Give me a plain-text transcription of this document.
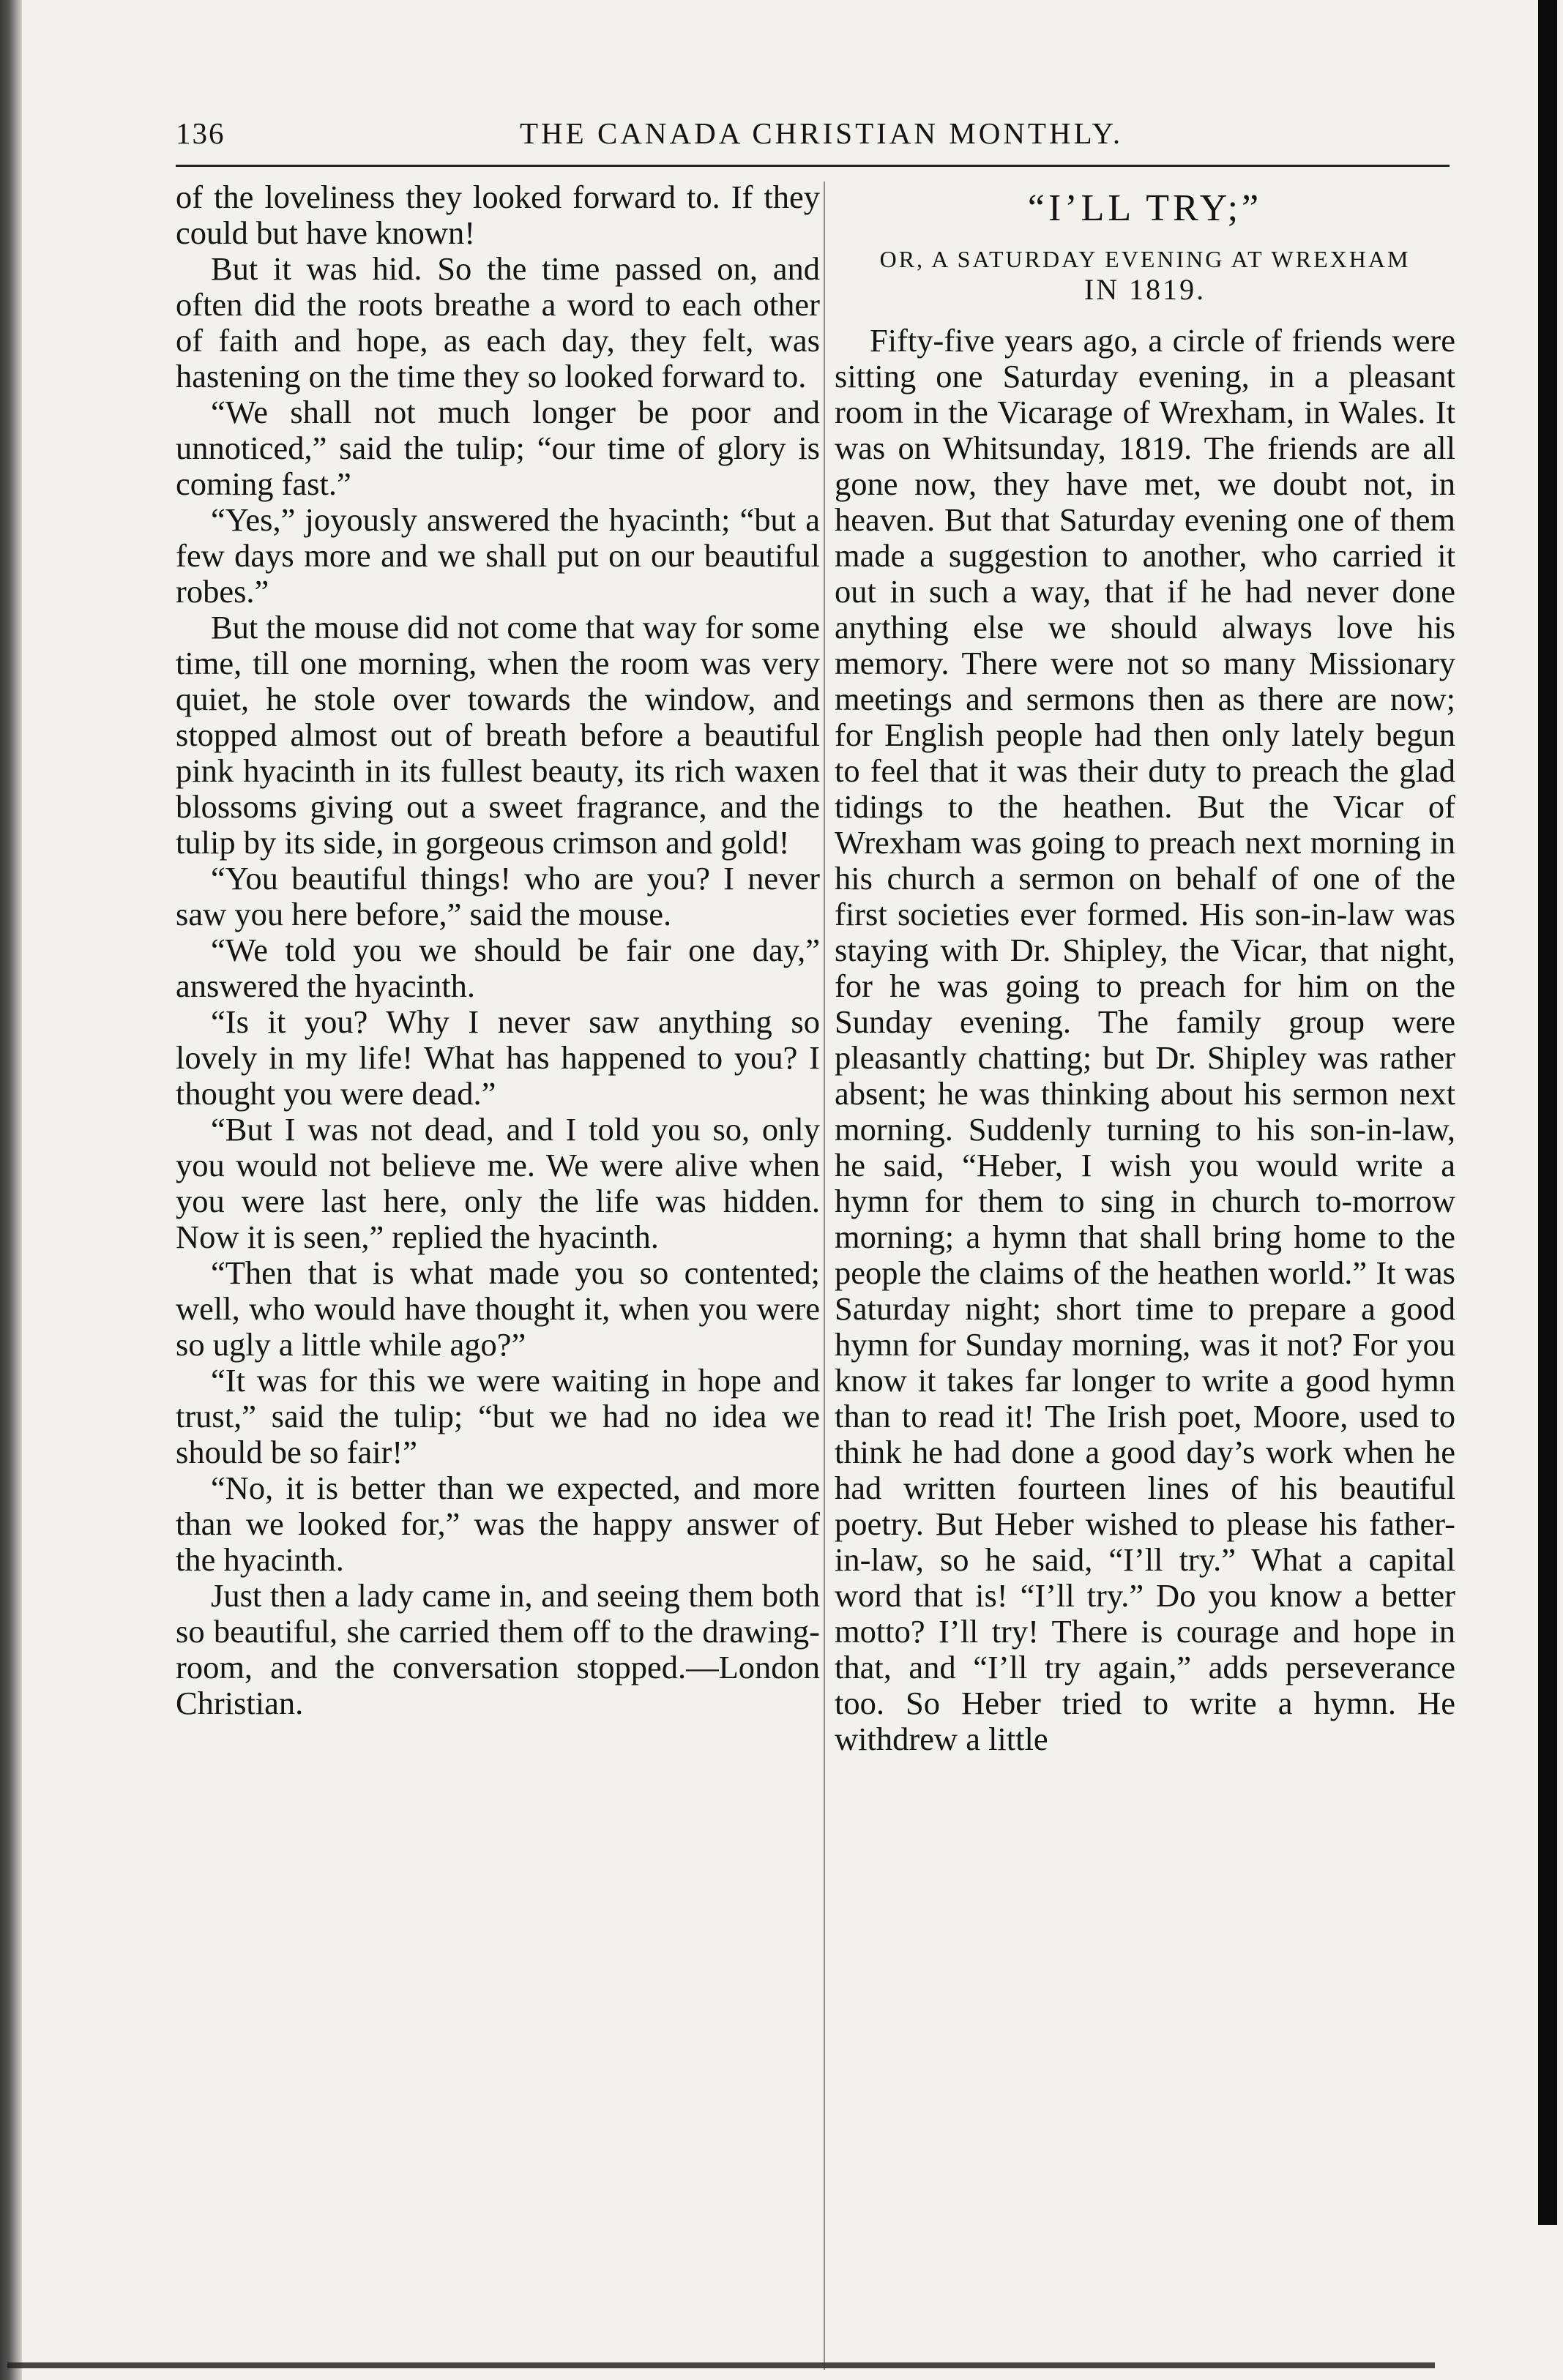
136	THE CANADA CHRISTIAN MONTHLY.

of the loveliness they looked forward to. If they could but have known!

But it was hid. So the time passed on, and often did the roots breathe a word to each other of faith and hope, as each day, they felt, was hastening on the time they so looked forward to.

“We shall not much longer be poor and unnoticed,” said the tulip; “our time of glory is coming fast.”

“Yes,” joyously answered the hyacinth; “but a few days more and we shall put on our beautiful robes.”

But the mouse did not come that way for some time, till one morning, when the room was very quiet, he stole over towards the window, and stopped almost out of breath before a beautiful pink hyacinth in its fullest beauty, its rich waxen blossoms giving out a sweet fragrance, and the tulip by its side, in gorgeous crimson and gold!

“You beautiful things! who are you? I never saw you here before,” said the mouse.

“We told you we should be fair one day,” answered the hyacinth.

“Is it you? Why I never saw anything so lovely in my life! What has happened to you? I thought you were dead.”

“But I was not dead, and I told you so, only you would not believe me. We were alive when you were last here, only the life was hidden. Now it is seen,” replied the hyacinth.

“Then that is what made you so contented; well, who would have thought it, when you were so ugly a little while ago?”

“It was for this we were waiting in hope and trust,” said the tulip; “but we had no idea we should be so fair!”

“No, it is better than we expected, and more than we looked for,” was the happy answer of the hyacinth.

Just then a lady came in, and seeing them both so beautiful, she carried them off to the drawing-room, and the conversation stopped.—London Christian.

“I’LL TRY;”
OR, A SATURDAY EVENING AT WREXHAM
IN 1819.

Fifty-five years ago, a circle of friends were sitting one Saturday evening, in a pleasant room in the Vicarage of Wrexham, in Wales. It was on Whitsunday, 1819. The friends are all gone now, they have met, we doubt not, in heaven. But that Saturday evening one of them made a suggestion to another, who carried it out in such a way, that if he had never done anything else we should always love his memory. There were not so many Missionary meetings and sermons then as there are now; for English people had then only lately begun to feel that it was their duty to preach the glad tidings to the heathen. But the Vicar of Wrexham was going to preach next morning in his church a sermon on behalf of one of the first societies ever formed. His son-in-law was staying with Dr. Shipley, the Vicar, that night, for he was going to preach for him on the Sunday evening. The family group were pleasantly chatting; but Dr. Shipley was rather absent; he was thinking about his sermon next morning. Suddenly turning to his son-in-law, he said, “Heber, I wish you would write a hymn for them to sing in church to-morrow morning; a hymn that shall bring home to the people the claims of the heathen world.” It was Saturday night; short time to prepare a good hymn for Sunday morning, was it not? For you know it takes far longer to write a good hymn than to read it! The Irish poet, Moore, used to think he had done a good day’s work when he had written fourteen lines of his beautiful poetry. But Heber wished to please his father-in-law, so he said, “I’ll try.” What a capital word that is! “I’ll try.” Do you know a better motto? I’ll try! There is courage and hope in that, and “I’ll try again,” adds perseverance too. So Heber tried to write a hymn. He withdrew a little
